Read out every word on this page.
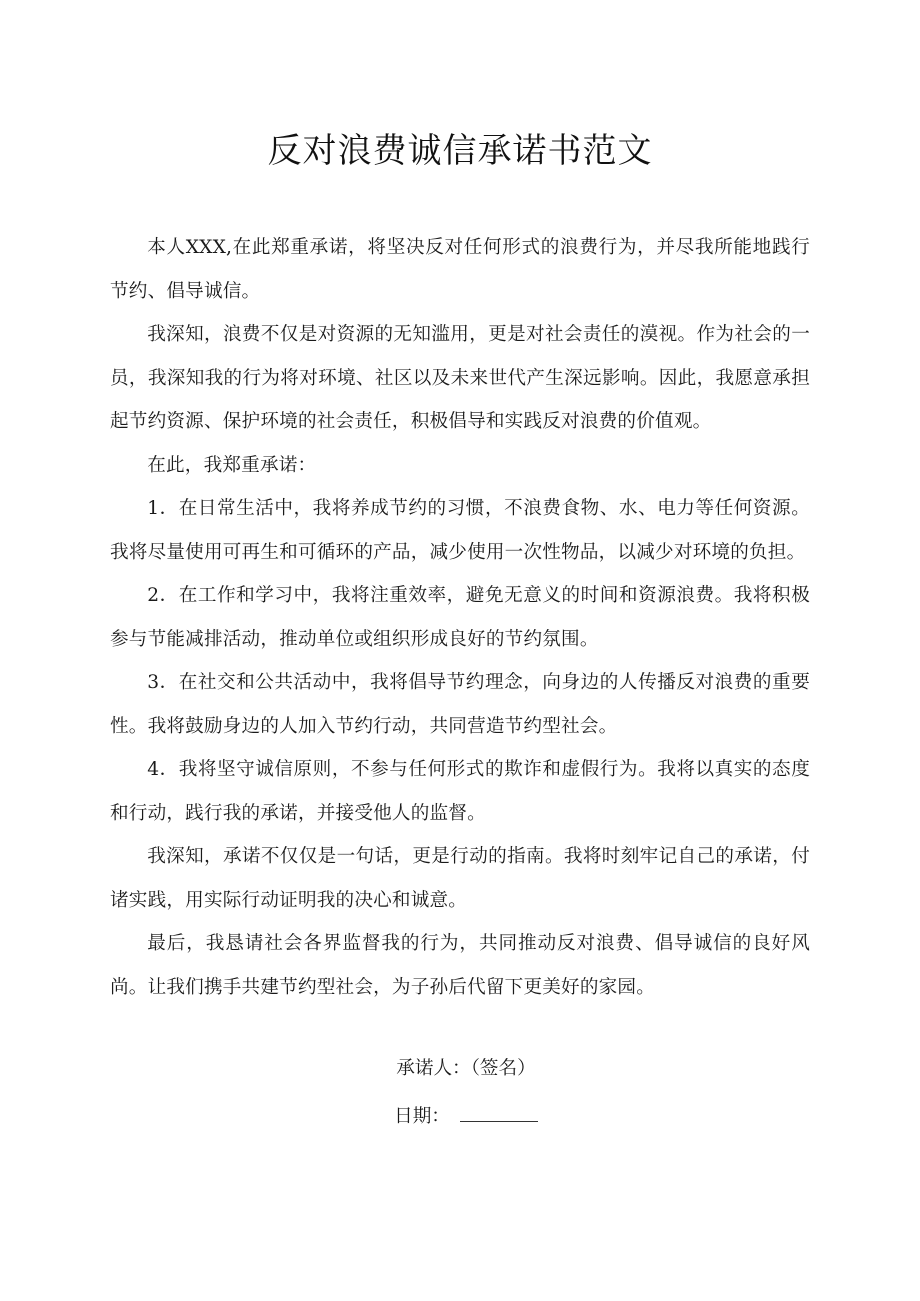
反对浪费诚信承诺书范文

本人XXX,在此郑重承诺，将坚决反对任何形式的浪费行为，并尽我所能地践行节约、倡导诚信。

我深知，浪费不仅是对资源的无知滥用，更是对社会责任的漠视。作为社会的一员，我深知我的行为将对环境、社区以及未来世代产生深远影响。因此，我愿意承担起节约资源、保护环境的社会责任，积极倡导和实践反对浪费的价值观。

在此，我郑重承诺：

1．在日常生活中，我将养成节约的习惯，不浪费食物、水、电力等任何资源。我将尽量使用可再生和可循环的产品，减少使用一次性物品，以减少对环境的负担。

2．在工作和学习中，我将注重效率，避免无意义的时间和资源浪费。我将积极参与节能减排活动，推动单位或组织形成良好的节约氛围。

3．在社交和公共活动中，我将倡导节约理念，向身边的人传播反对浪费的重要性。我将鼓励身边的人加入节约行动，共同营造节约型社会。

4．我将坚守诚信原则，不参与任何形式的欺诈和虚假行为。我将以真实的态度和行动，践行我的承诺，并接受他人的监督。

我深知，承诺不仅仅是一句话，更是行动的指南。我将时刻牢记自己的承诺，付诸实践，用实际行动证明我的决心和诚意。

最后，我恳请社会各界监督我的行为，共同推动反对浪费、倡导诚信的良好风尚。让我们携手共建节约型社会，为子孙后代留下更美好的家园。

承诺人：（签名）
日期：
